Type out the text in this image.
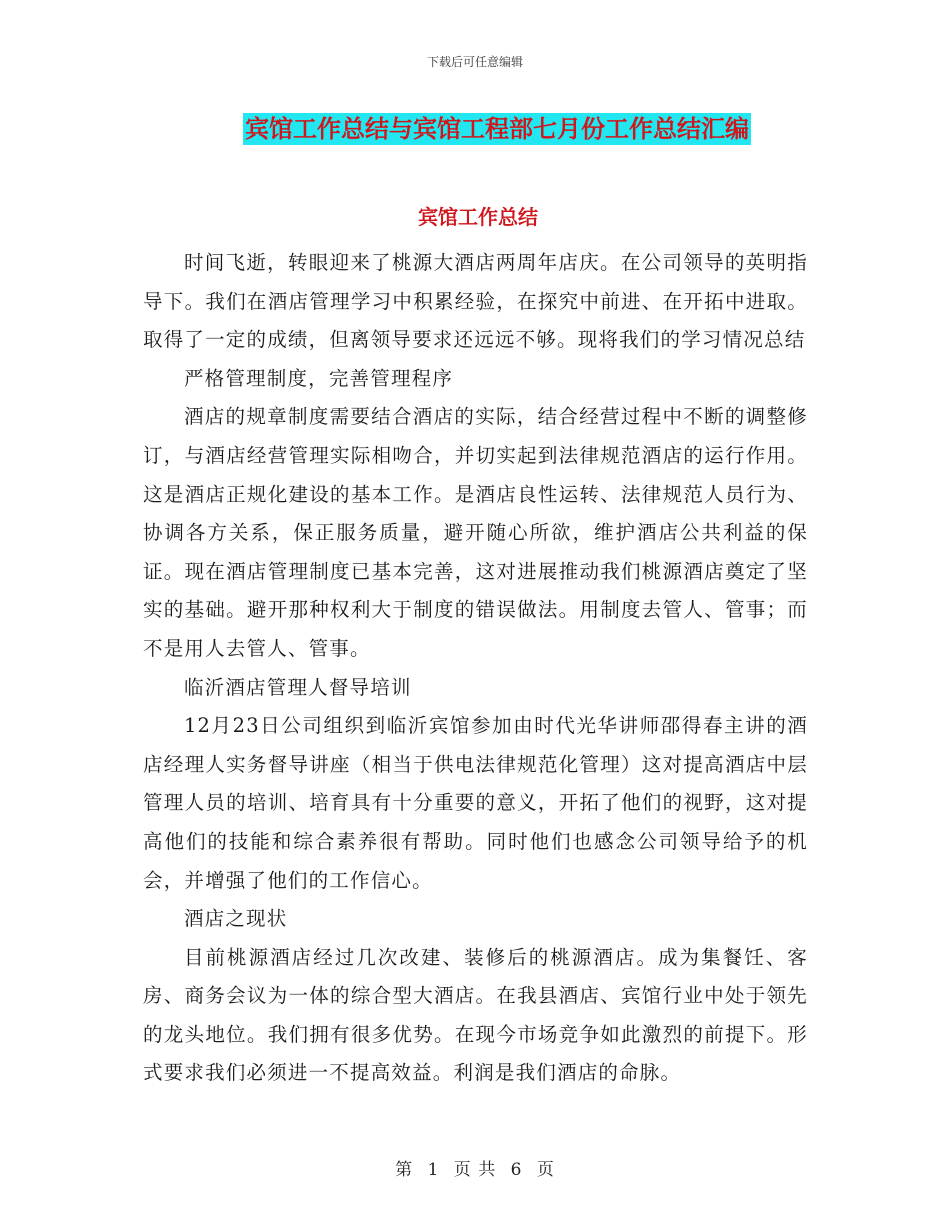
下载后可任意编辑
宾馆工作总结与宾馆工程部七月份工作总结汇编
宾馆工作总结

时间飞逝，转眼迎来了桃源大酒店两周年店庆。在公司领导的英明指导下。我们在酒店管理学习中积累经验，在探究中前进、在开拓中进取。取得了一定的成绩，但离领导要求还远远不够。现将我们的学习情况总结

严格管理制度，完善管理程序

酒店的规章制度需要结合酒店的实际，结合经营过程中不断的调整修订，与酒店经营管理实际相吻合，并切实起到法律规范酒店的运行作用。这是酒店正规化建设的基本工作。是酒店良性运转、法律规范人员行为、协调各方关系，保正服务质量，避开随心所欲，维护酒店公共利益的保证。现在酒店管理制度已基本完善，这对进展推动我们桃源酒店奠定了坚实的基础。避开那种权利大于制度的错误做法。用制度去管人、管事；而不是用人去管人、管事。

临沂酒店管理人督导培训

12月23日公司组织到临沂宾馆参加由时代光华讲师邵得春主讲的酒店经理人实务督导讲座（相当于供电法律规范化管理）这对提高酒店中层管理人员的培训、培育具有十分重要的意义，开拓了他们的视野，这对提高他们的技能和综合素养很有帮助。同时他们也感念公司领导给予的机会，并增强了他们的工作信心。

酒店之现状

目前桃源酒店经过几次改建、装修后的桃源酒店。成为集餐饪、客房、商务会议为一体的综合型大酒店。在我县酒店、宾馆行业中处于领先的龙头地位。我们拥有很多优势。在现今市场竞争如此激烈的前提下。形式要求我们必须进一不提高效益。利润是我们酒店的命脉。

第 1 页 共 6 页
